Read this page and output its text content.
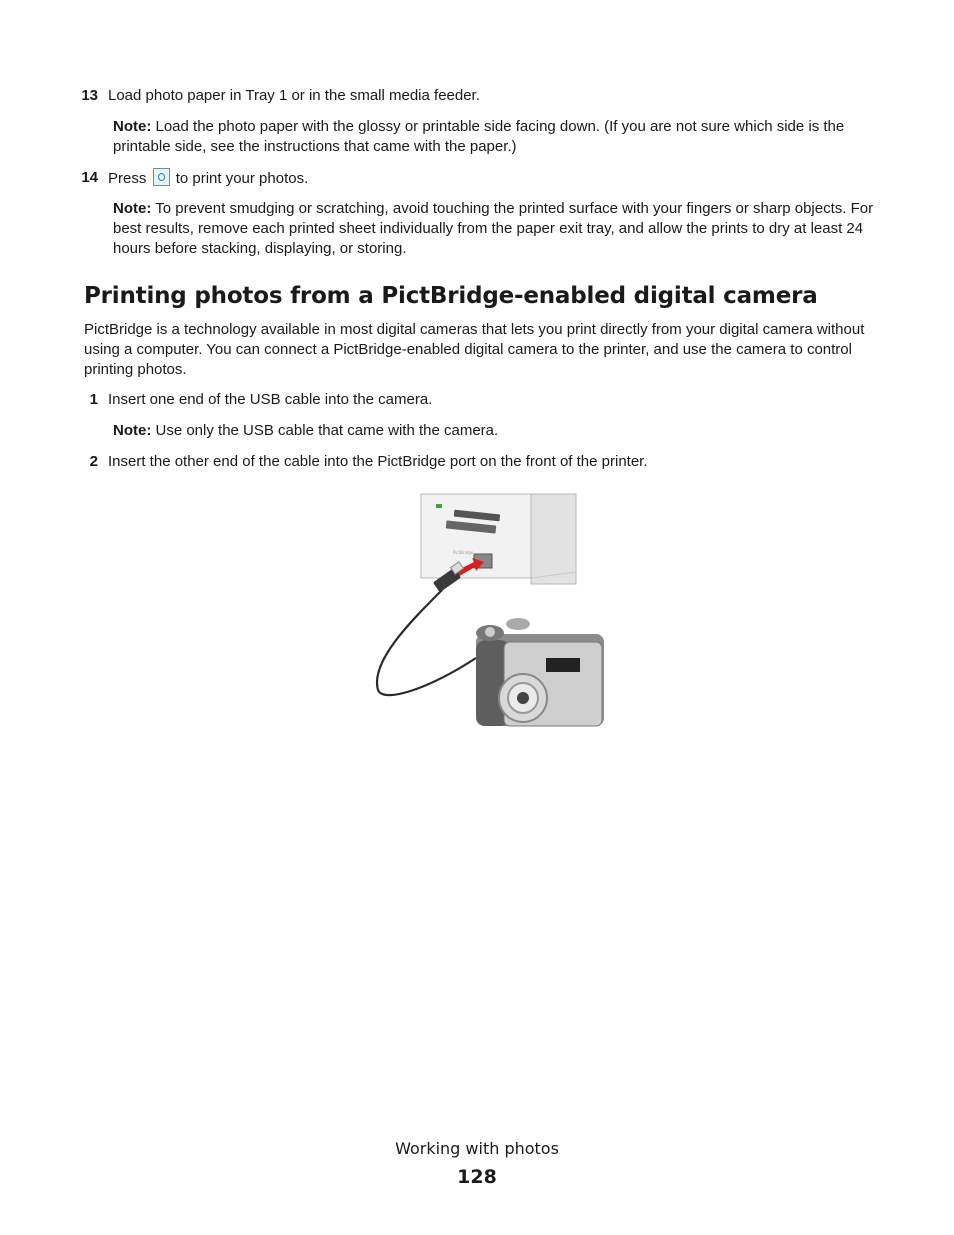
13 Load photo paper in Tray 1 or in the small media feeder.
Note: Load the photo paper with the glossy or printable side facing down. (If you are not sure which side is the printable side, see the instructions that came with the paper.)
14 Press to print your photos.
Note: To prevent smudging or scratching, avoid touching the printed surface with your fingers or sharp objects. For best results, remove each printed sheet individually from the paper exit tray, and allow the prints to dry at least 24 hours before stacking, displaying, or storing.
Printing photos from a PictBridge-enabled digital camera
PictBridge is a technology available in most digital cameras that lets you print directly from your digital camera without using a computer. You can connect a PictBridge-enabled digital camera to the printer, and use the camera to control printing photos.
1 Insert one end of the USB cable into the camera.
Note: Use only the USB cable that came with the camera.
2 Insert the other end of the cable into the PictBridge port on the front of the printer.
PictBridge
Working with photos
128
